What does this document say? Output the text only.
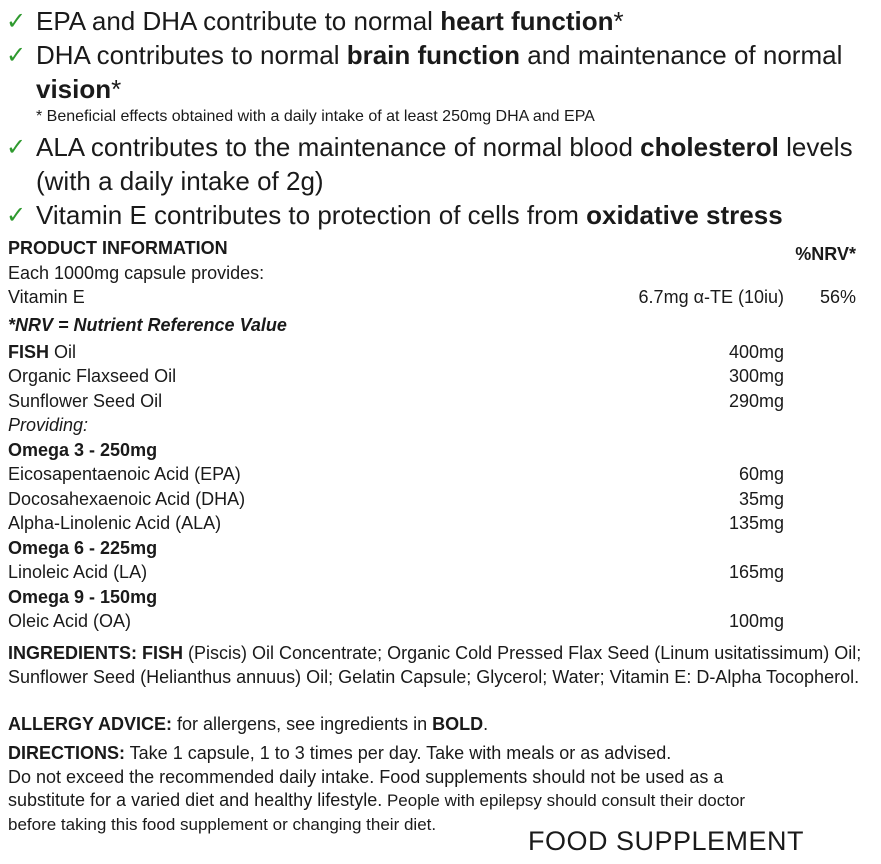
✓ EPA and DHA contribute to normal heart function*
✓ DHA contributes to normal brain function and maintenance of normal vision*
* Beneficial effects obtained with a daily intake of at least 250mg DHA and EPA
✓ ALA contributes to the maintenance of normal blood cholesterol levels (with a daily intake of 2g)
✓ Vitamin E contributes to protection of cells from oxidative stress
PRODUCT INFORMATION	%NRV*
Each 1000mg capsule provides:
Vitamin E	6.7mg α-TE (10iu) 56%
*NRV = Nutrient Reference Value
FISH Oil	400mg
Organic Flaxseed Oil	300mg
Sunflower Seed Oil	290mg
Providing:
Omega 3 - 250mg
Eicosapentaenoic Acid (EPA)	60mg
Docosahexaenoic Acid (DHA)	35mg
Alpha-Linolenic Acid (ALA)	135mg
Omega 6 - 225mg
Linoleic Acid (LA)	165mg
Omega 9 - 150mg
Oleic Acid (OA)	100mg
INGREDIENTS: FISH (Piscis) Oil Concentrate; Organic Cold Pressed Flax Seed (Linum usitatissimum) Oil; Sunflower Seed (Helianthus annuus) Oil; Gelatin Capsule; Glycerol; Water; Vitamin E: D-Alpha Tocopherol.
ALLERGY ADVICE: for allergens, see ingredients in BOLD.
DIRECTIONS: Take 1 capsule, 1 to 3 times per day. Take with meals or as advised.
Do not exceed the recommended daily intake. Food supplements should not be used as a
substitute for a varied diet and healthy lifestyle. People with epilepsy should consult their doctor
before taking this food supplement or changing their diet.
FOOD SUPPLEMENT
